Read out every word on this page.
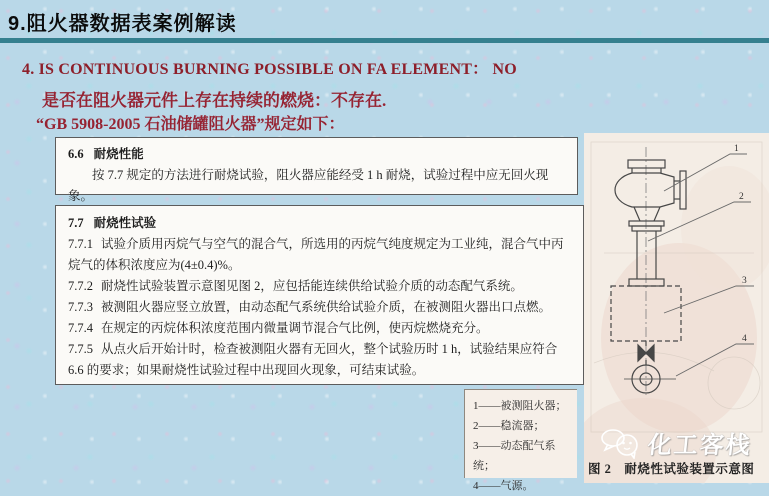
9.阻火器数据表案例解读
4. IS CONTINUOUS BURNING POSSIBLE ON FA ELEMENT： NO
是否在阻火器元件上存在持续的燃烧：不存在.
“GB 5908-2005 石油储罐阻火器”规定如下：

6.6 耐烧性能

按 7.7 规定的方法进行耐烧试验，阻火器应能经受 1 h 耐烧，试验过程中应无回火现象。

7.7 耐烧性试验

7.7.1 试验介质用丙烷气与空气的混合气，所选用的丙烷气纯度规定为工业纯，混合气中丙烷气的体积浓度应为(4±0.4)%。

7.7.2 耐烧性试验装置示意图见图 2，应包括能连续供给试验介质的动态配气系统。

7.7.3 被测阻火器应竖立放置，由动态配气系统供给试验介质，在被测阻火器出口点燃。

7.7.4 在规定的丙烷体积浓度范围内微量调节混合气比例，使丙烷燃烧充分。

7.7.5 从点火后开始计时，检查被测阻火器有无回火，整个试验历时 1 h，试验结果应符合 6.6 的要求；如果耐烧性试验过程中出现回火现象，可结束试验。

1——被测阻火器；
2——稳流器；
3——动态配气系统；
4——气源。
1
2
3
4
化工客栈
图 2　耐烧性试验装置示意图
